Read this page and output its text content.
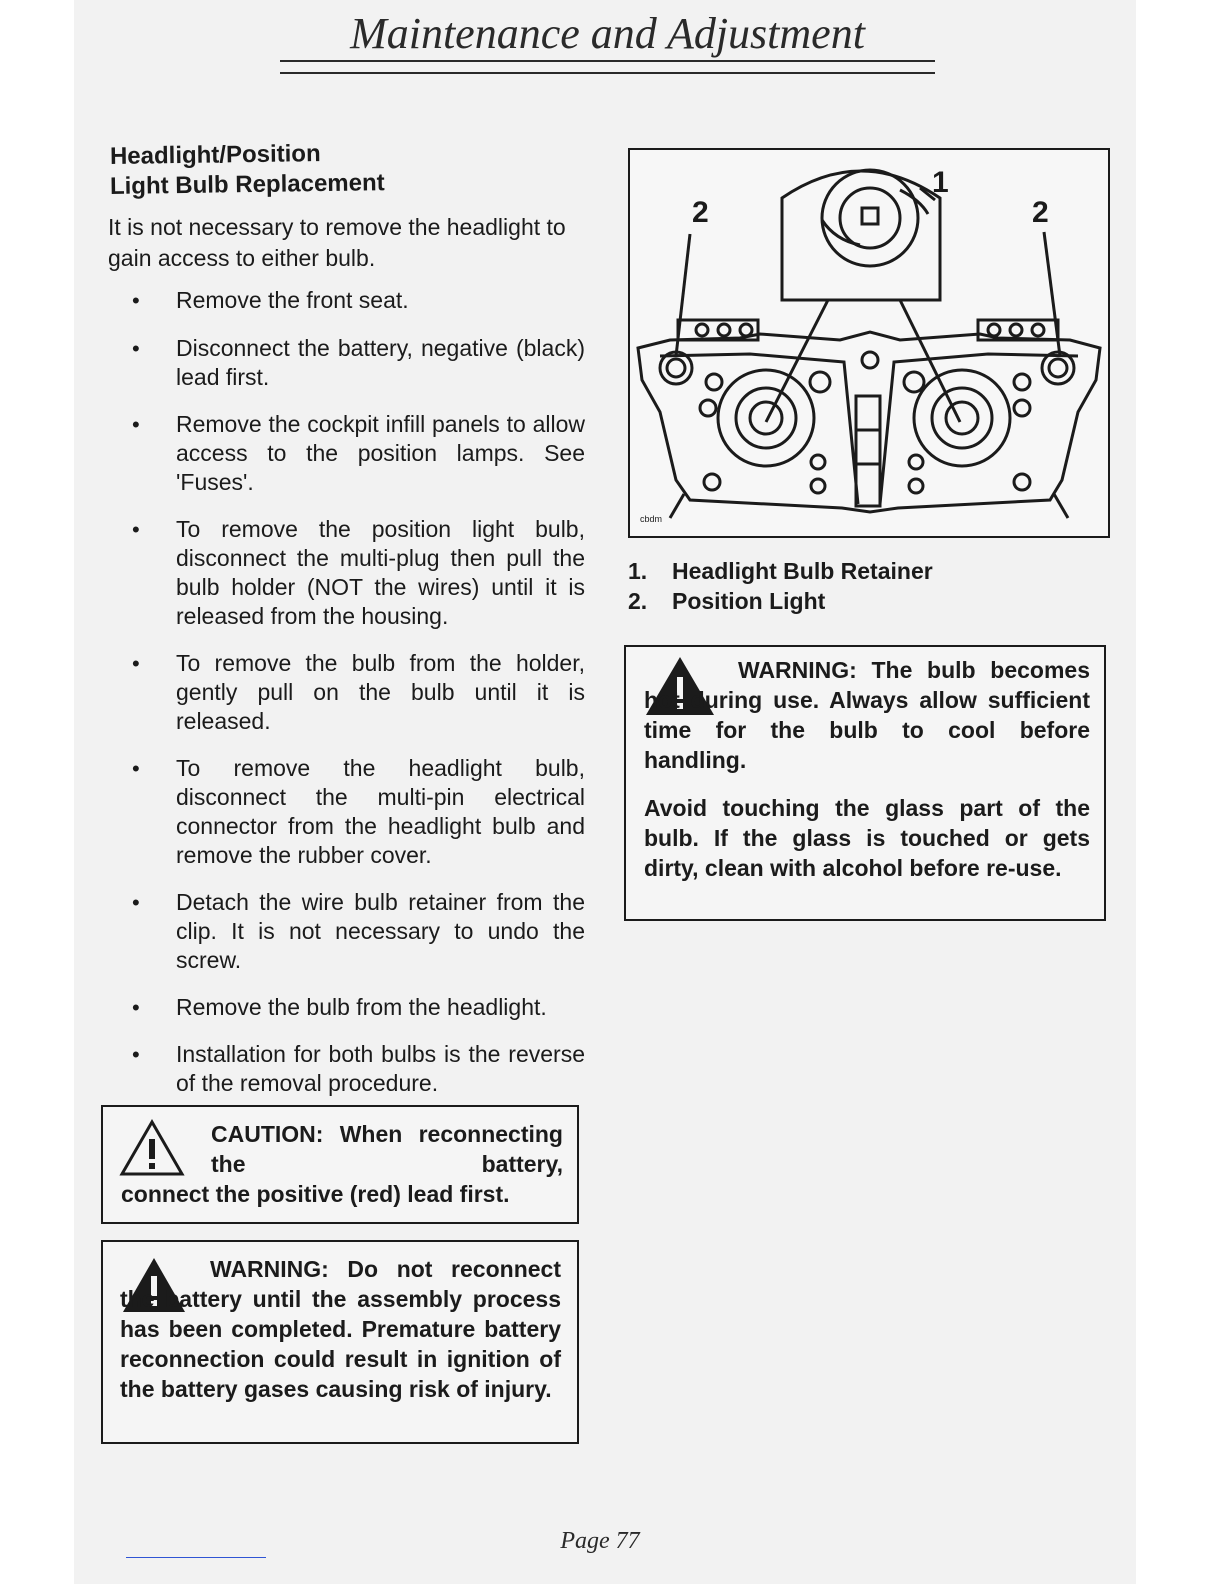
Maintenance and Adjustment
Headlight/Position
Light Bulb Replacement

It is not necessary to remove the headlight to gain access to either bulb.

• Remove the front seat.
• Disconnect the battery, negative (black) lead first.
• Remove the cockpit infill panels to allow access to the position lamps. See 'Fuses'.
• To remove the position light bulb, disconnect the multi-plug then pull the bulb holder (NOT the wires) until it is released from the housing.
• To remove the bulb from the holder, gently pull on the bulb until it is released.
• To remove the headlight bulb, disconnect the multi-pin electrical connector from the headlight bulb and remove the rubber cover.
• Detach the wire bulb retainer from the clip. It is not necessary to undo the screw.
• Remove the bulb from the headlight.
• Installation for both bulbs is the reverse of the removal procedure.

CAUTION: When reconnecting the battery,

connect the positive (red) lead first.

WARNING: Do not reconnect the battery until the assembly process has been completed. Premature battery reconnection could result in ignition of the battery gases causing risk of injury.

2	2
1
cbdm
1. Headlight Bulb Retainer
2. Position Light

WARNING: The bulb becomes hot during use. Always allow sufficient time for the bulb to cool before handling.

Avoid touching the glass part of the bulb. If the glass is touched or gets dirty, clean with alcohol before re-use.

Page 77
